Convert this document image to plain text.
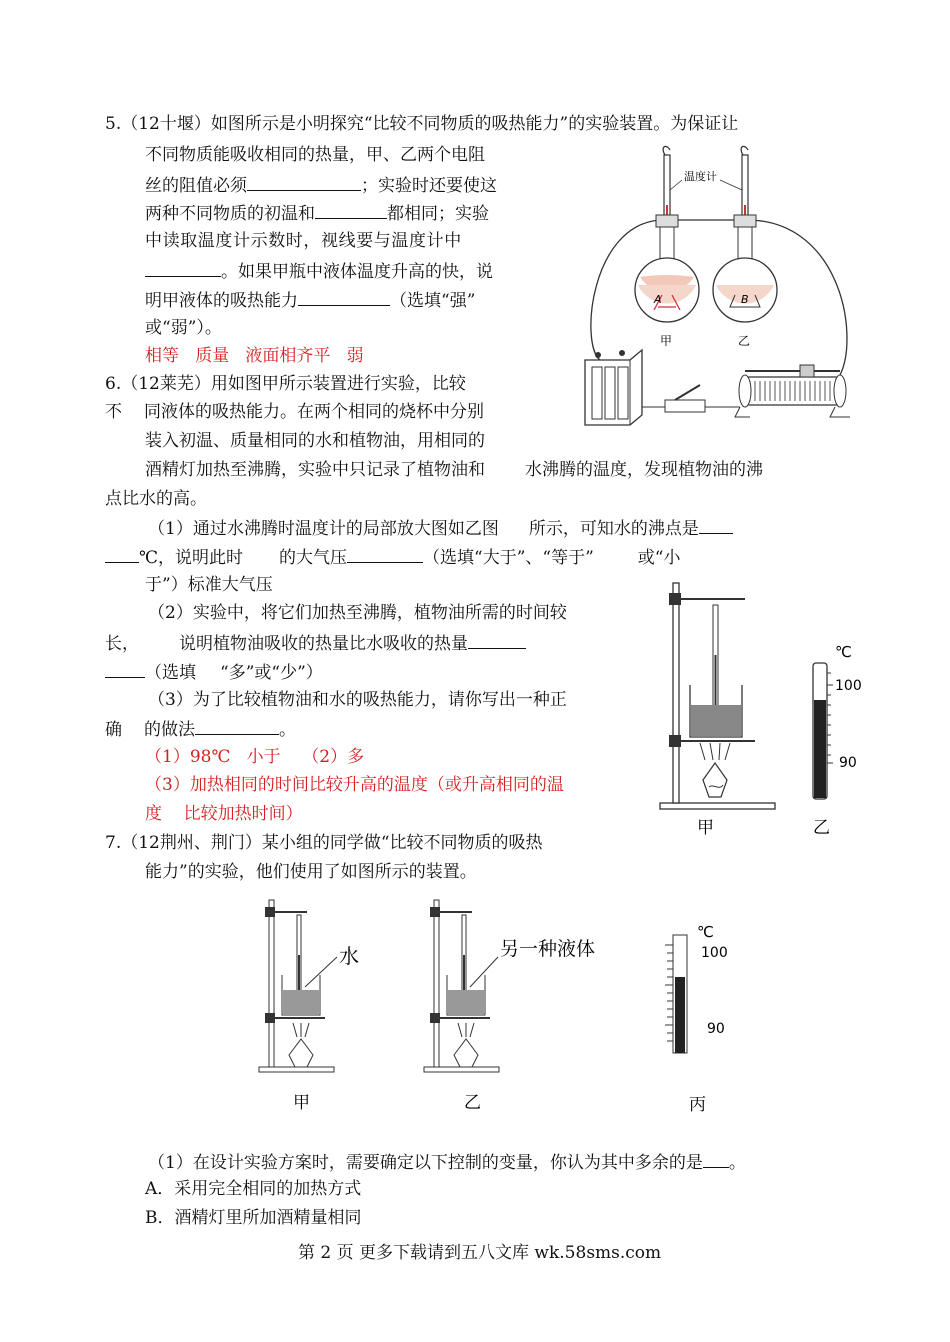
5.（12十堰）如图所示是小明探究“比较不同物质的吸热能力”的实验装置。为保证让
不同物质能吸收相同的热量，甲、乙两个电阻
丝的阻值必须	；实验时还要使这
两种不同物质的初温和	都相同；实验
中读取温度计示数时，视线要与温度计中
。如果甲瓶中液体温度升高的快，说
明甲液体的吸热能力	（选填“强”
或“弱”）。
相等   质量   液面相齐平   弱
温度计
A	B
甲	乙
6.（12莱芜）用如图甲所示装置进行实验，比较
不 同液体的吸热能力。在两个相同的烧杯中分别
装入初温、质量相同的水和植物油，用相同的
酒精灯加热至沸腾，实验中只记录了植物油和 水沸腾的温度，发现植物油的沸
点比水的高。
（1）通过水沸腾时温度计的局部放大图如乙图 所示，可知水的沸点是
℃，说明此时 的大气压	（选填“大于”、“等于”	或“小
于”）标准大气压
（2）实验中，将它们加热至沸腾，植物油所需的时间较
长， 说明植物油吸收的热量比水吸收的热量
（选填 “多”或“少”）
（3）为了比较植物油和水的吸热能力，请你写出一种正
确 的做法	。
（1）98℃   小于    （2）多
（3）加热相同的时间比较升高的温度（或升高相同的温
度    比较加热时间）
甲
℃
100
90
乙
7.（12荆州、荆门）某小组的同学做“比较不同物质的吸热
能力”的实验，他们使用了如图所示的装置。
水
甲
另一种液体
乙
℃
100
90
丙
（1）在设计实验方案时，需要确定以下控制的变量，你认为其中多余的是 。
A．采用完全相同的加热方式
B．酒精灯里所加酒精量相同
第 2 页 更多下载请到五八文库 wk.58sms.com
